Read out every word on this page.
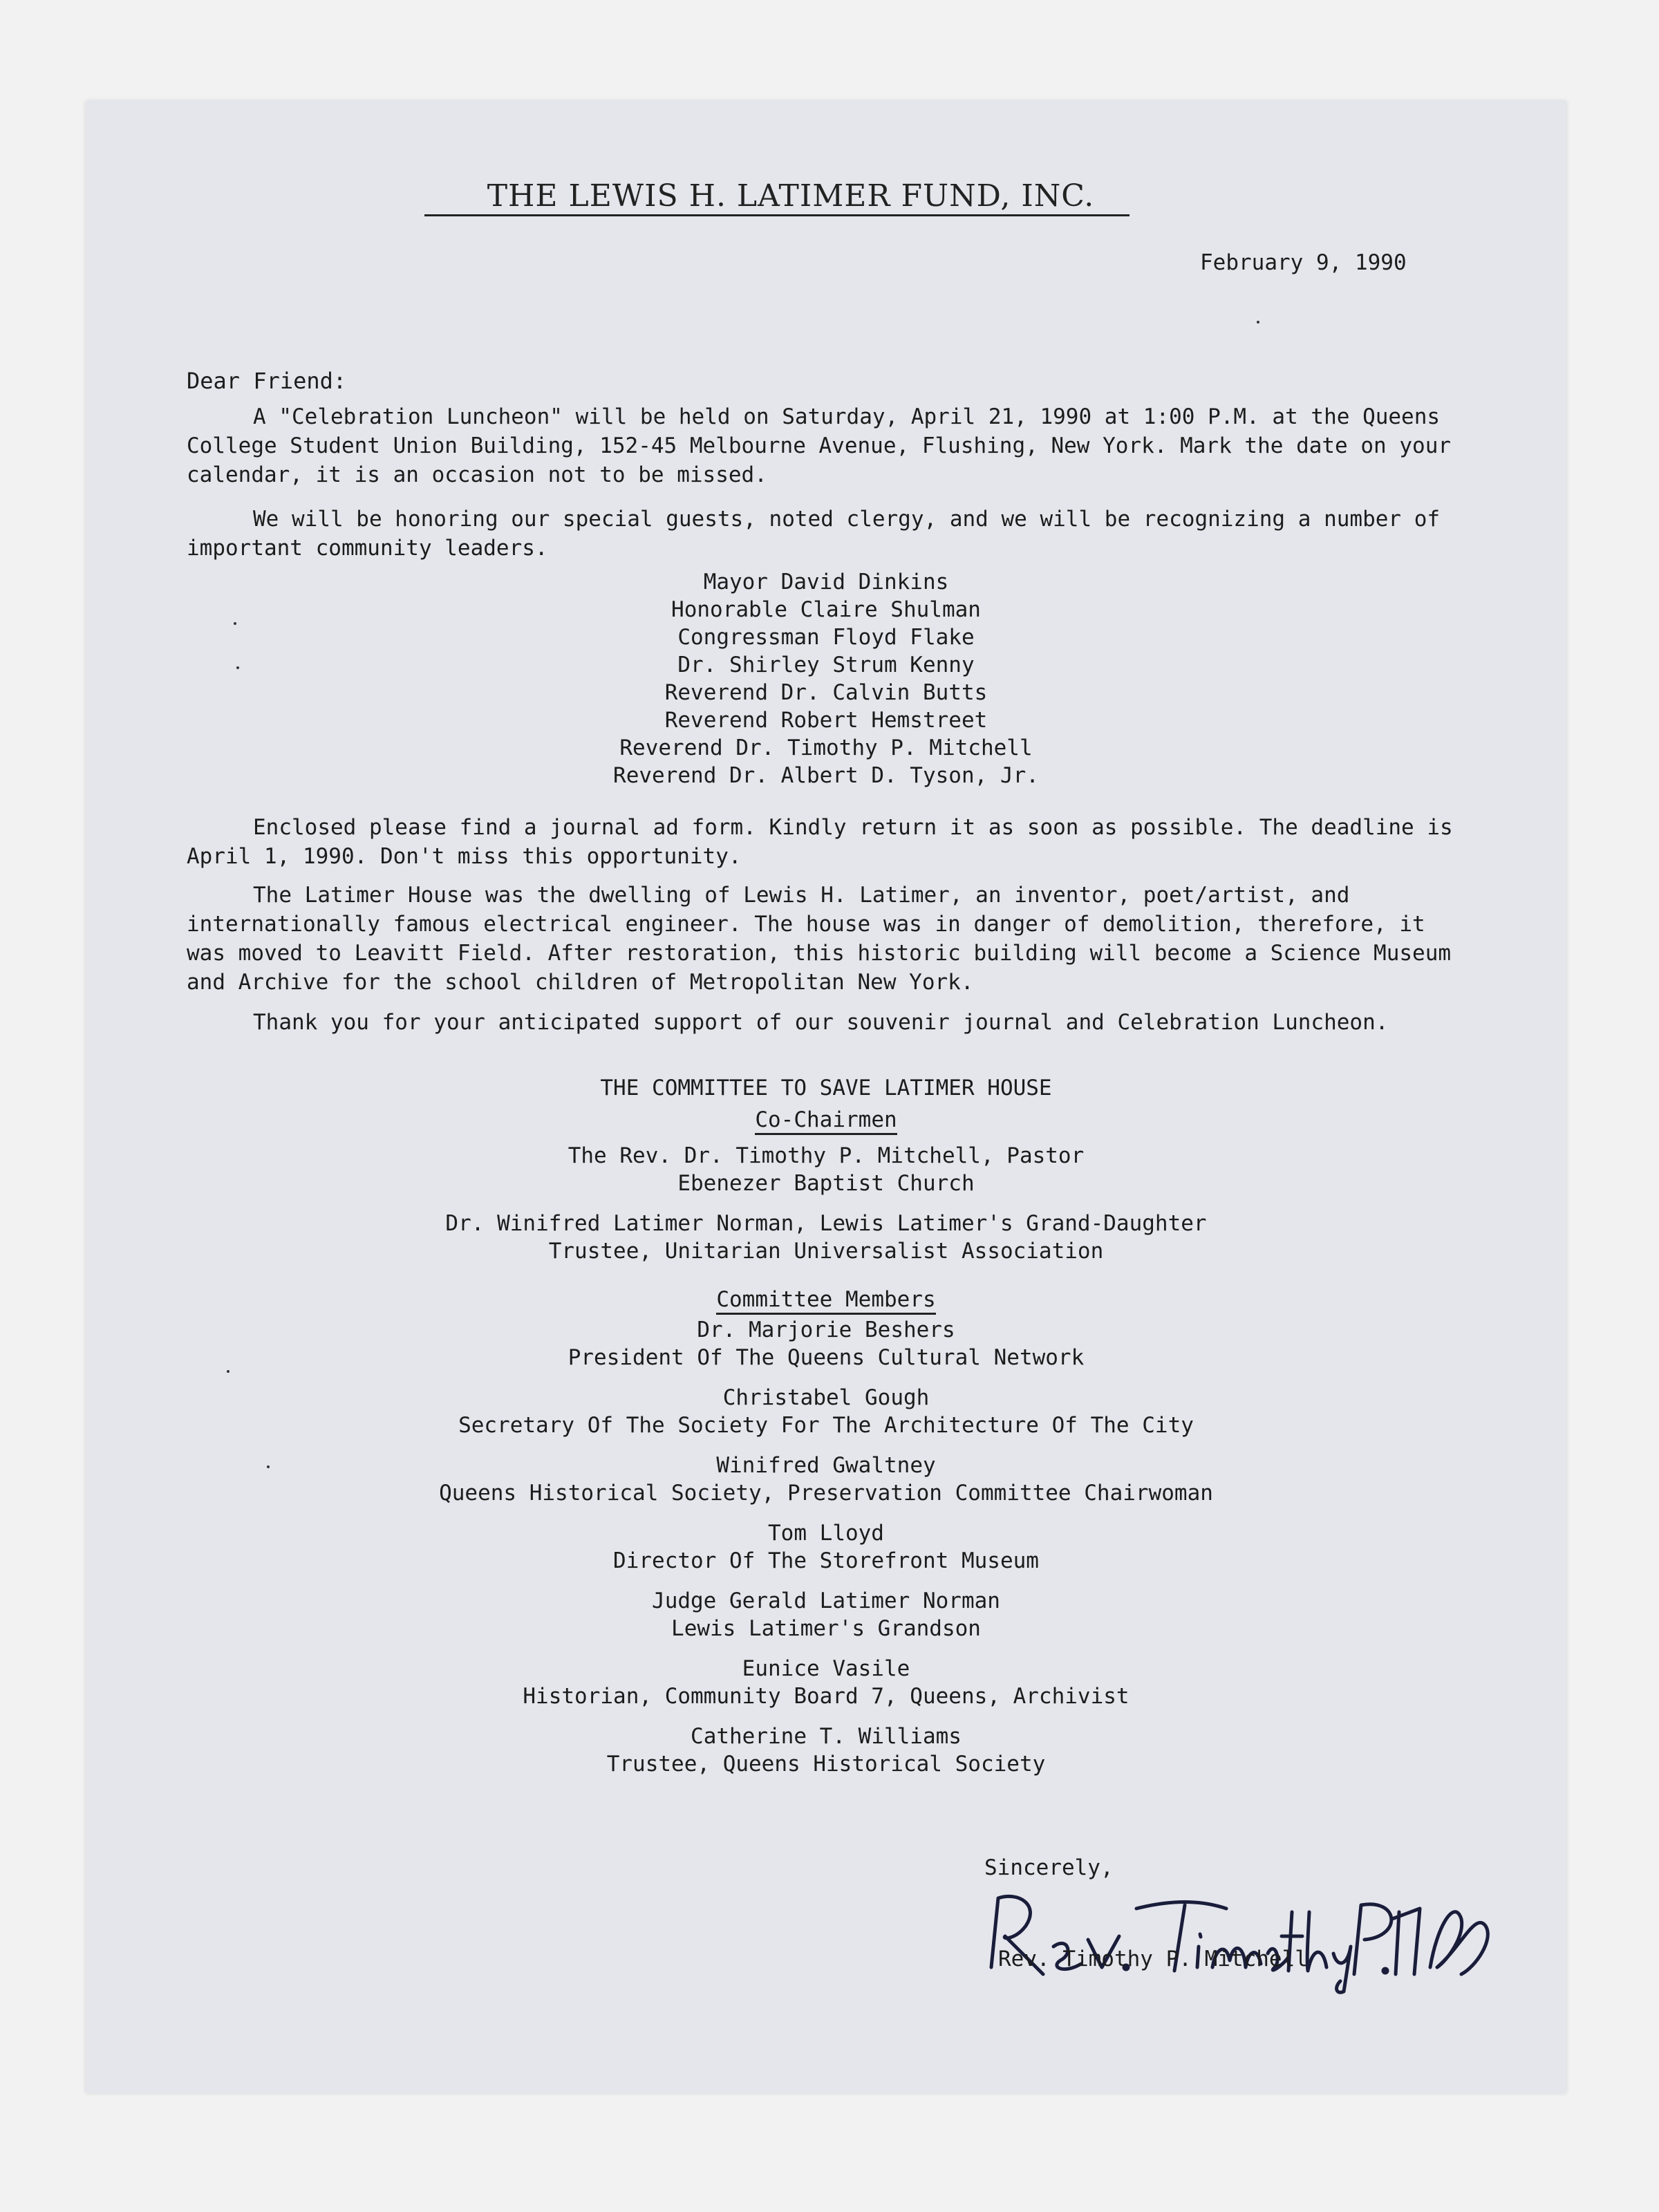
THE LEWIS H. LATIMER FUND, INC.
February 9, 1990
Dear Friend:
A "Celebration Luncheon" will be held on Saturday, April 21, 1990 at 1:00 P.M. at the Queens College Student Union Building, 152-45 Melbourne Avenue, Flushing, New York. Mark the date on your calendar, it is an occasion not to be missed.
We will be honoring our special guests, noted clergy, and we will be recognizing a number of important community leaders.
Mayor David Dinkins
Honorable Claire Shulman
Congressman Floyd Flake
Dr. Shirley Strum Kenny
Reverend Dr. Calvin Butts
Reverend Robert Hemstreet
Reverend Dr. Timothy P. Mitchell
Reverend Dr. Albert D. Tyson, Jr.
Enclosed please find a journal ad form. Kindly return it as soon as possible. The deadline is April 1, 1990. Don't miss this opportunity.
The Latimer House was the dwelling of Lewis H. Latimer, an inventor, poet/artist, and internationally famous electrical engineer. The house was in danger of demolition, therefore, it was moved to Leavitt Field. After restoration, this historic building will become a Science Museum and Archive for the school children of Metropolitan New York.
Thank you for your anticipated support of our souvenir journal and Celebration Luncheon.
THE COMMITTEE TO SAVE LATIMER HOUSE
Co-Chairmen
The Rev. Dr. Timothy P. Mitchell, Pastor
Ebenezer Baptist Church
Dr. Winifred Latimer Norman, Lewis Latimer's Grand-Daughter
Trustee, Unitarian Universalist Association
Committee Members
Dr. Marjorie Beshers
President Of The Queens Cultural Network
Christabel Gough
Secretary Of The Society For The Architecture Of The City
Winifred Gwaltney
Queens Historical Society, Preservation Committee Chairwoman
Tom Lloyd
Director Of The Storefront Museum
Judge Gerald Latimer Norman
Lewis Latimer's Grandson
Eunice Vasile
Historian, Community Board 7, Queens, Archivist
Catherine T. Williams
Trustee, Queens Historical Society
Sincerely,
Rev. Timothy P. Mitchell
